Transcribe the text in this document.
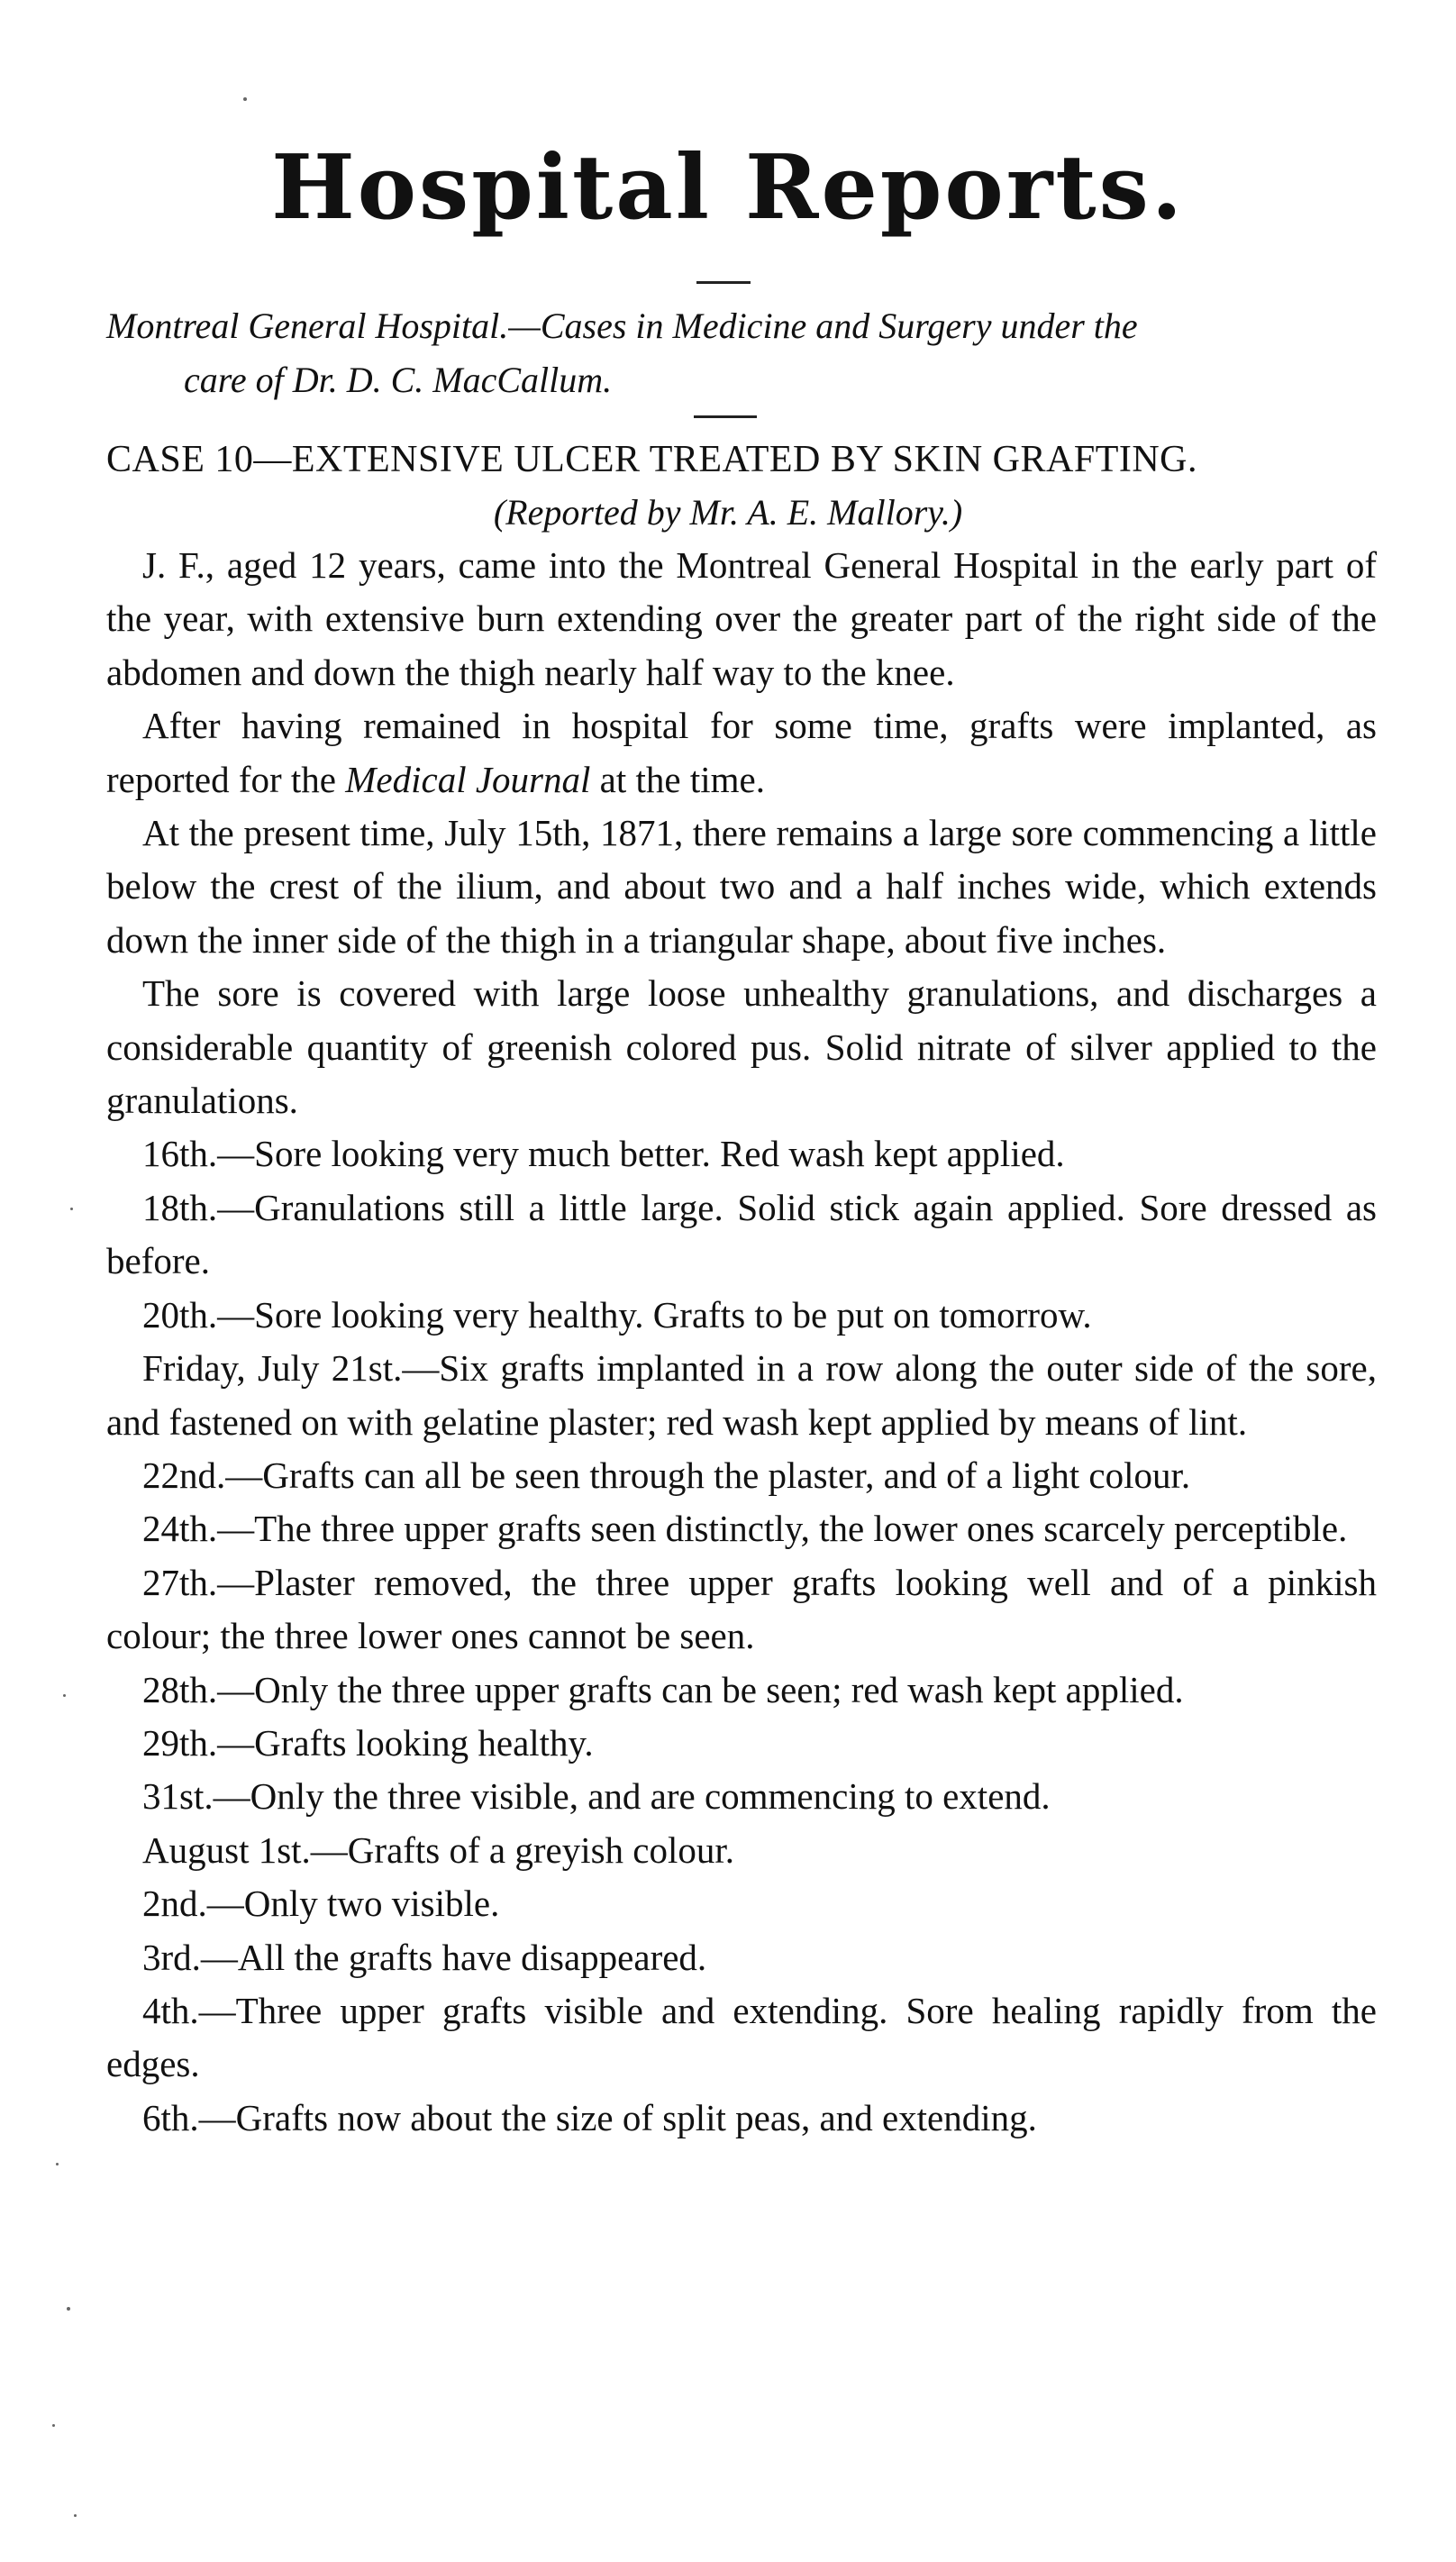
Hospital Reports.
Montreal General Hospital.—Cases in Medicine and Surgery under the
care of Dr. D. C. MacCallum.
CASE 10—EXTENSIVE ULCER TREATED BY SKIN GRAFTING.
(Reported by Mr. A. E. Mallory.)

J. F., aged 12 years, came into the Montreal General Hospital in the early part of the year, with extensive burn extending over the greater part of the right side of the abdomen and down the thigh nearly half way to the knee.

After having remained in hospital for some time, grafts were implanted, as reported for the Medical Journal at the time.

At the present time, July 15th, 1871, there remains a large sore commencing a little below the crest of the ilium, and about two and a half inches wide, which extends down the inner side of the thigh in a triangular shape, about five inches.

The sore is covered with large loose unhealthy granulations, and discharges a considerable quantity of greenish colored pus. Solid nitrate of silver applied to the granulations.

16th.—Sore looking very much better. Red wash kept applied.

18th.—Granulations still a little large. Solid stick again applied. Sore dressed as before.

20th.—Sore looking very healthy. Grafts to be put on tomorrow.

Friday, July 21st.—Six grafts implanted in a row along the outer side of the sore, and fastened on with gelatine plaster; red wash kept applied by means of lint.

22nd.—Grafts can all be seen through the plaster, and of a light colour.

24th.—The three upper grafts seen distinctly, the lower ones scarcely perceptible.

27th.—Plaster removed, the three upper grafts looking well and of a pinkish colour; the three lower ones cannot be seen.

28th.—Only the three upper grafts can be seen; red wash kept applied.

29th.—Grafts looking healthy.

31st.—Only the three visible, and are commencing to extend.

August 1st.—Grafts of a greyish colour.

2nd.—Only two visible.

3rd.—All the grafts have disappeared.

4th.—Three upper grafts visible and extending. Sore healing rapidly from the edges.

6th.—Grafts now about the size of split peas, and extending.
